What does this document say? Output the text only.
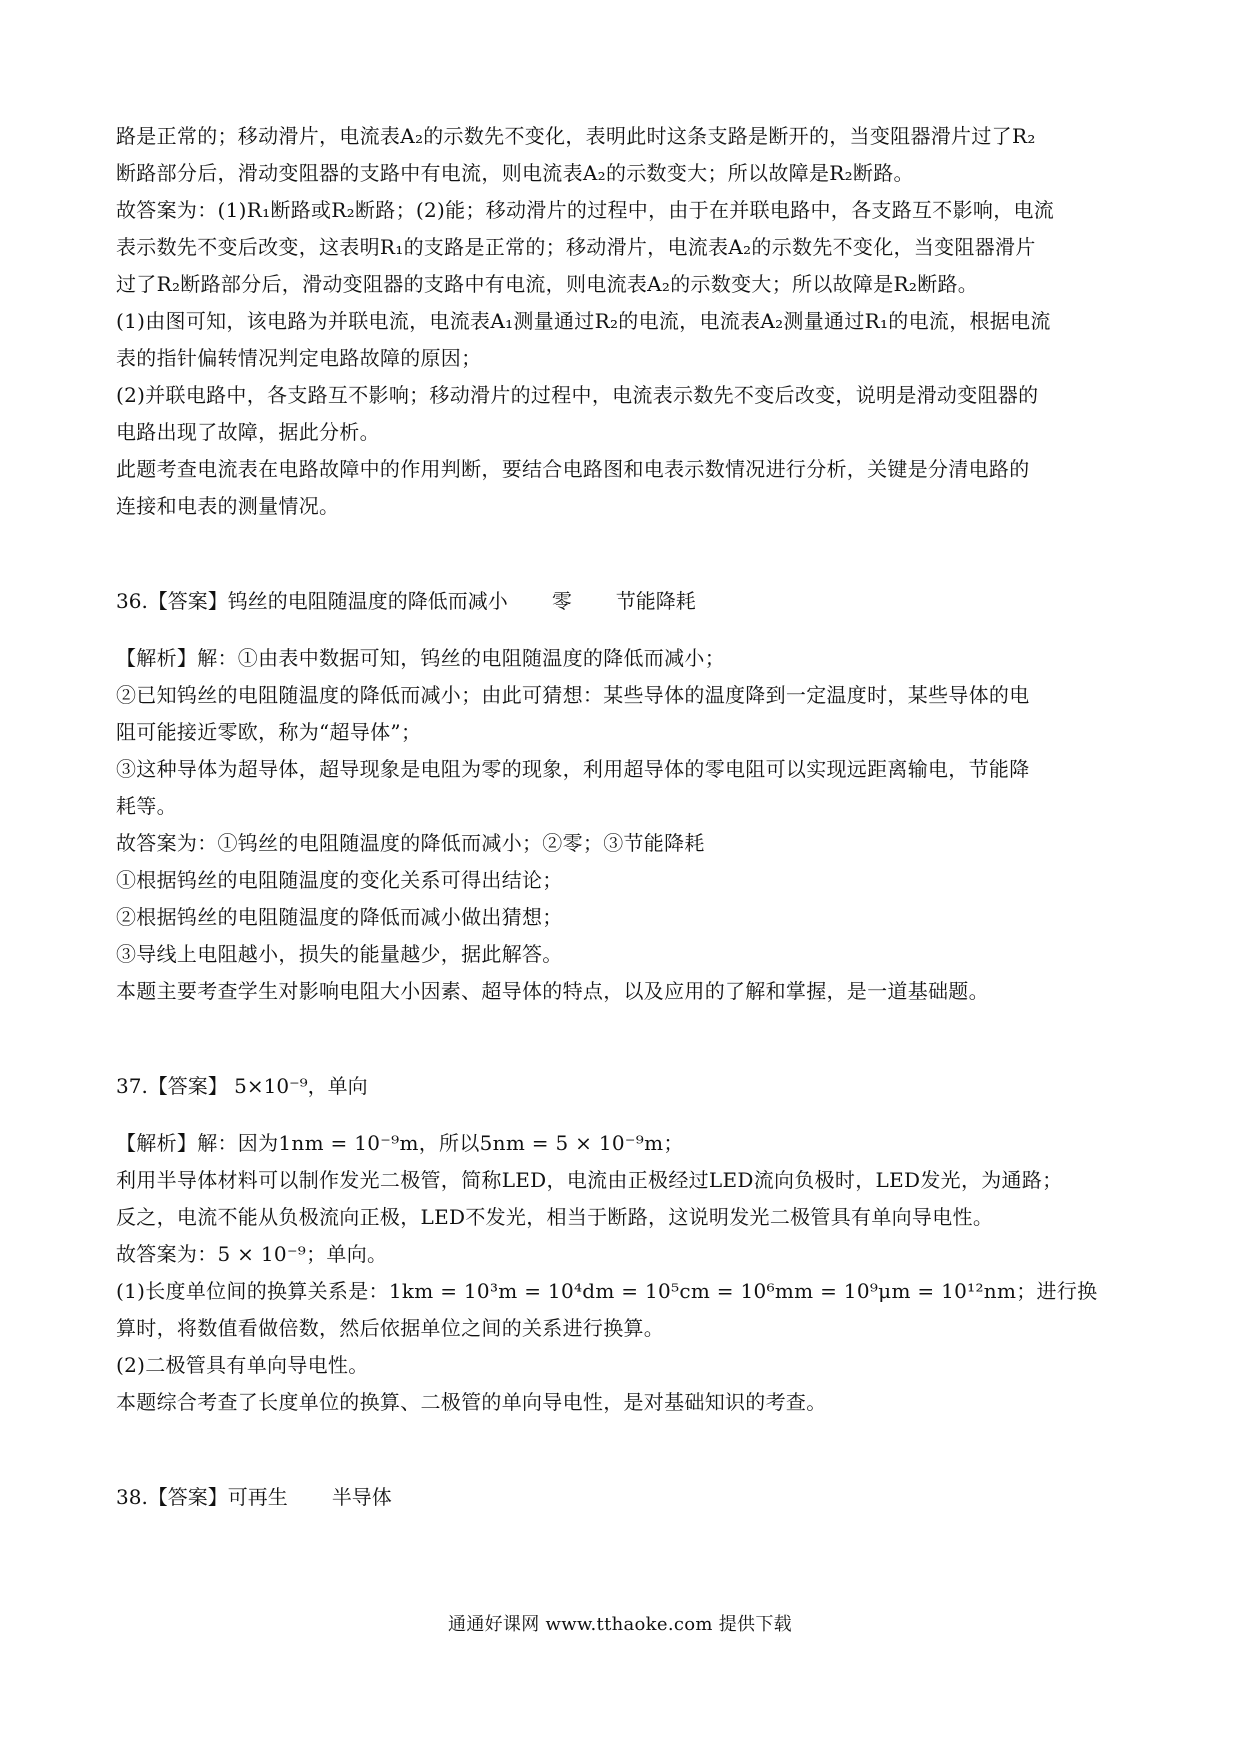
路是正常的；移动滑片，电流表A₂的示数先不变化，表明此时这条支路是断开的，当变阻器滑片过了R₂
断路部分后，滑动变阻器的支路中有电流，则电流表A₂的示数变大；所以故障是R₂断路。
故答案为：(1)R₁断路或R₂断路；(2)能；移动滑片的过程中，由于在并联电路中，各支路互不影响，电流
表示数先不变后改变，这表明R₁的支路是正常的；移动滑片，电流表A₂的示数先不变化，当变阻器滑片
过了R₂断路部分后，滑动变阻器的支路中有电流，则电流表A₂的示数变大；所以故障是R₂断路。
(1)由图可知，该电路为并联电流，电流表A₁测量通过R₂的电流，电流表A₂测量通过R₁的电流，根据电流
表的指针偏转情况判定电路故障的原因；
(2)并联电路中，各支路互不影响；移动滑片的过程中，电流表示数先不变后改变，说明是滑动变阻器的
电路出现了故障，据此分析。
此题考查电流表在电路故障中的作用判断，要结合电路图和电表示数情况进行分析，关键是分清电路的
连接和电表的测量情况。
36.【答案】钨丝的电阻随温度的降低而减小 零 节能降耗
【解析】解：①由表中数据可知，钨丝的电阻随温度的降低而减小；
②已知钨丝的电阻随温度的降低而减小；由此可猜想：某些导体的温度降到一定温度时，某些导体的电
阻可能接近零欧，称为“超导体”；
③这种导体为超导体，超导现象是电阻为零的现象，利用超导体的零电阻可以实现远距离输电，节能降
耗等。
故答案为：①钨丝的电阻随温度的降低而减小；②零；③节能降耗
①根据钨丝的电阻随温度的变化关系可得出结论；
②根据钨丝的电阻随温度的降低而减小做出猜想；
③导线上电阻越小，损失的能量越少，据此解答。
本题主要考查学生对影响电阻大小因素、超导体的特点，以及应用的了解和掌握，是一道基础题。
37.【答案】 5×10⁻⁹，单向
【解析】解：因为1nm = 10⁻⁹m，所以5nm = 5 × 10⁻⁹m；
利用半导体材料可以制作发光二极管，简称LED，电流由正极经过LED流向负极时，LED发光，为通路；
反之，电流不能从负极流向正极，LED不发光，相当于断路，这说明发光二极管具有单向导电性。
故答案为：5 × 10⁻⁹；单向。
(1)长度单位间的换算关系是：1km = 10³m = 10⁴dm = 10⁵cm = 10⁶mm = 10⁹μm = 10¹²nm；进行换
算时，将数值看做倍数，然后依据单位之间的关系进行换算。
(2)二极管具有单向导电性。
本题综合考查了长度单位的换算、二极管的单向导电性，是对基础知识的考查。
38.【答案】可再生 半导体
通通好课网 www.tthaoke.com 提供下载
